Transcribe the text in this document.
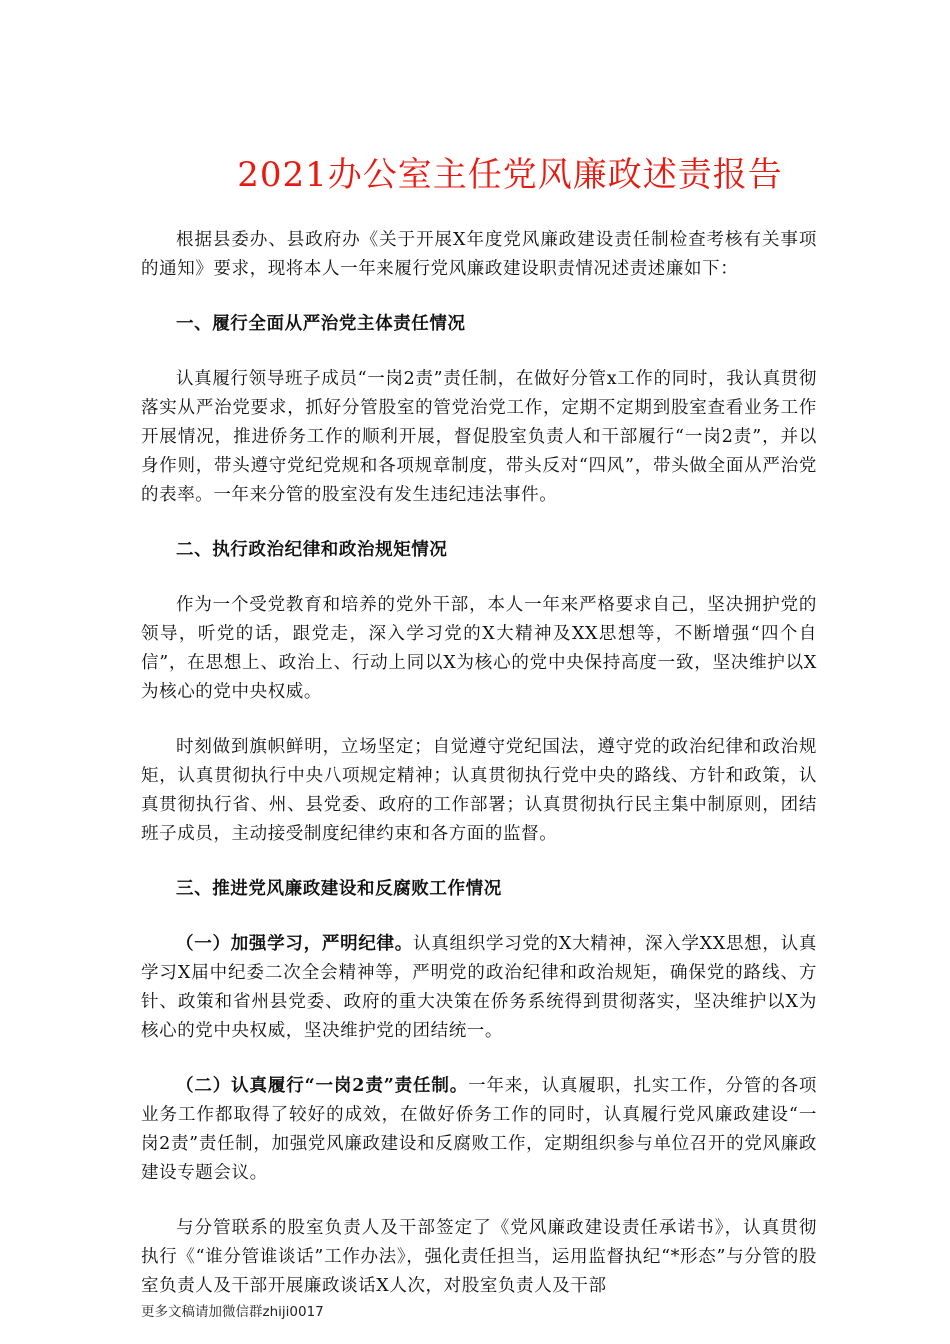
2021办公室主任党风廉政述责报告

根据县委办、县政府办《关于开展X年度党风廉政建设责任制检查考核有关事项的通知》要求，现将本人一年来履行党风廉政建设职责情况述责述廉如下：

一、履行全面从严治党主体责任情况

认真履行领导班子成员“一岗2责”责任制，在做好分管x工作的同时，我认真贯彻落实从严治党要求，抓好分管股室的管党治党工作，定期不定期到股室查看业务工作开展情况，推进侨务工作的顺利开展，督促股室负责人和干部履行“一岗2责”，并以身作则，带头遵守党纪党规和各项规章制度，带头反对“四风”，带头做全面从严治党的表率。一年来分管的股室没有发生违纪违法事件。

二、执行政治纪律和政治规矩情况

作为一个受党教育和培养的党外干部，本人一年来严格要求自己，坚决拥护党的领导，听党的话，跟党走，深入学习党的X大精神及XX思想等，不断增强“四个自信”，在思想上、政治上、行动上同以X为核心的党中央保持高度一致，坚决维护以X为核心的党中央权威。

时刻做到旗帜鲜明，立场坚定；自觉遵守党纪国法，遵守党的政治纪律和政治规矩，认真贯彻执行中央八项规定精神；认真贯彻执行党中央的路线、方针和政策，认真贯彻执行省、州、县党委、政府的工作部署；认真贯彻执行民主集中制原则，团结班子成员，主动接受制度纪律约束和各方面的监督。

三、推进党风廉政建设和反腐败工作情况

（一）加强学习，严明纪律。认真组织学习党的X大精神，深入学XX思想，认真学习X届中纪委二次全会精神等，严明党的政治纪律和政治规矩，确保党的路线、方针、政策和省州县党委、政府的重大决策在侨务系统得到贯彻落实，坚决维护以X为核心的党中央权威，坚决维护党的团结统一。

（二）认真履行“一岗2责”责任制。一年来，认真履职，扎实工作，分管的各项业务工作都取得了较好的成效，在做好侨务工作的同时，认真履行党风廉政建设“一岗2责”责任制，加强党风廉政建设和反腐败工作，定期组织参与单位召开的党风廉政建设专题会议。

与分管联系的股室负责人及干部签定了《党风廉政建设责任承诺书》，认真贯彻执行《“谁分管谁谈话”工作办法》，强化责任担当，运用监督执纪“*形态”与分管的股室负责人及干部开展廉政谈话X人次，对股室负责人及干部

更多文稿请加微信群zhiji0017
